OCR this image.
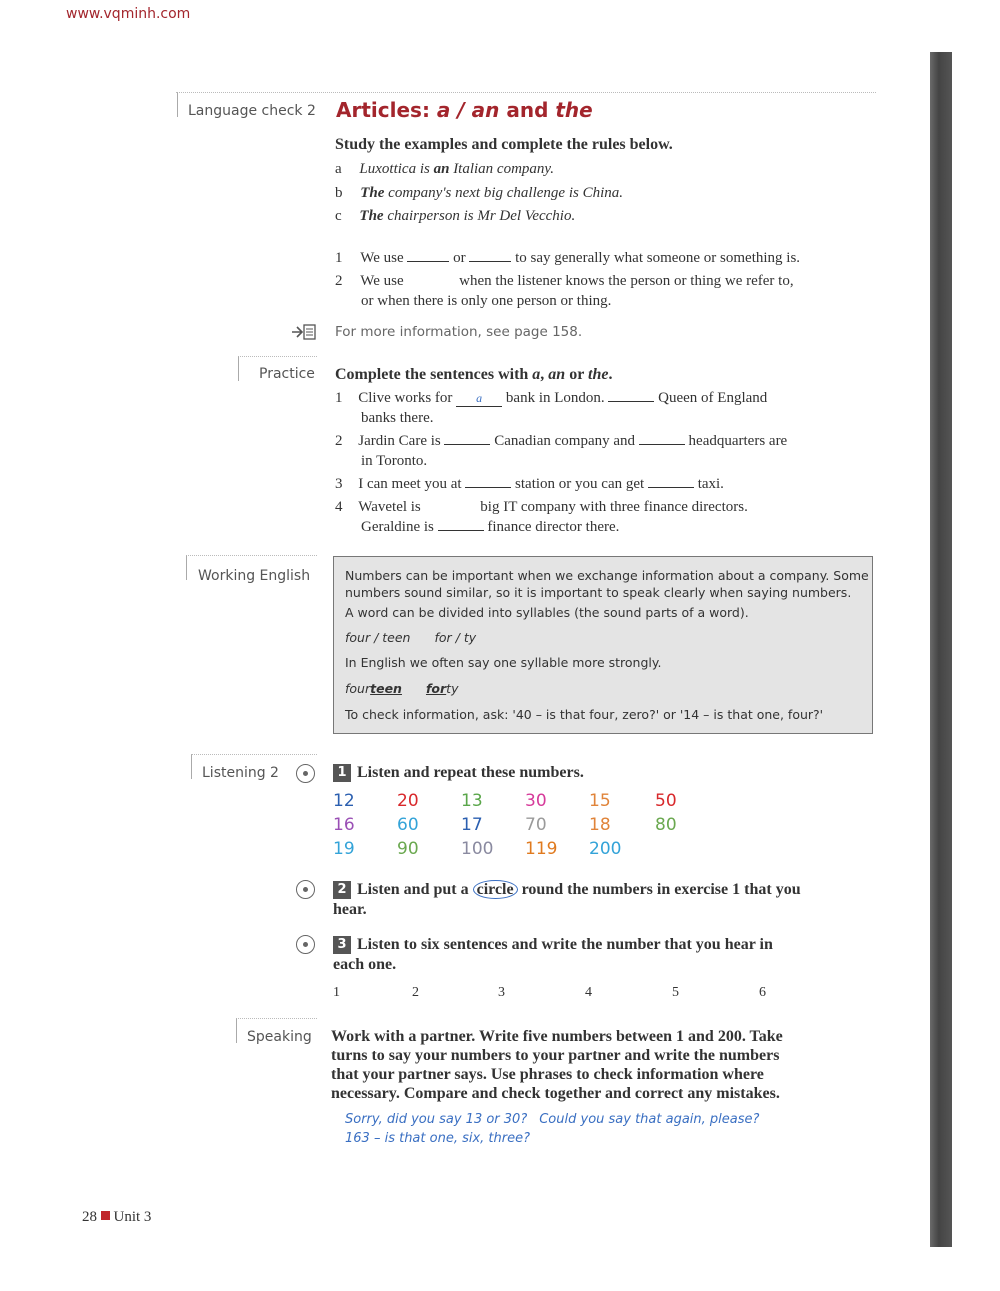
www.vqminh.com
Language check 2 Articles: a / an and the
Study the examples and complete the rules below.
a Luxottica is an Italian company.
b The company's next big challenge is China.
c The chairperson is Mr Del Vecchio.
1 We use	or	to say generally what someone or something is.
2 We use	when the listener knows the person or thing we refer to,
or when there is only one person or thing.
For more information, see page 158.
Practice Complete the sentences with a, an or the.
1 Clive works for a bank in London.	Queen of England
banks there.
2 Jardin Care is	Canadian company and	headquarters are
in Toronto.
3 I can meet you at	station or you can get	taxi.
4 Wavetel is	big IT company with three finance directors.
Geraldine is	finance director there.
Working English	Numbers can be important when we exchange information about a company. Some
numbers sound similar, so it is important to speak clearly when saying numbers.
A word can be divided into syllables (the sound parts of a word).
four / teen for / ty
In English we often say one syllable more strongly.
fourteen forty
To check information, ask: '40 – is that four, zero?' or '14 – is that one, four?'
Listening 2	1 Listen and repeat these numbers.
12 20 13 30 15	50
16 60 17 70 18	80
19 90 100 119 200
2 Listen and put a circle round the numbers in exercise 1 that you
hear.
3 Listen to six sentences and write the number that you hear in
each one.
1	2	3	4	5	6
Speaking Work with a partner. Write five numbers between 1 and 200. Take
turns to say your numbers to your partner and write the numbers
that your partner says. Use phrases to check information where
necessary. Compare and check together and correct any mistakes.
Sorry, did you say 13 or 30? Could you say that again, please?
163 – is that one, six, three?
28 Unit 3
